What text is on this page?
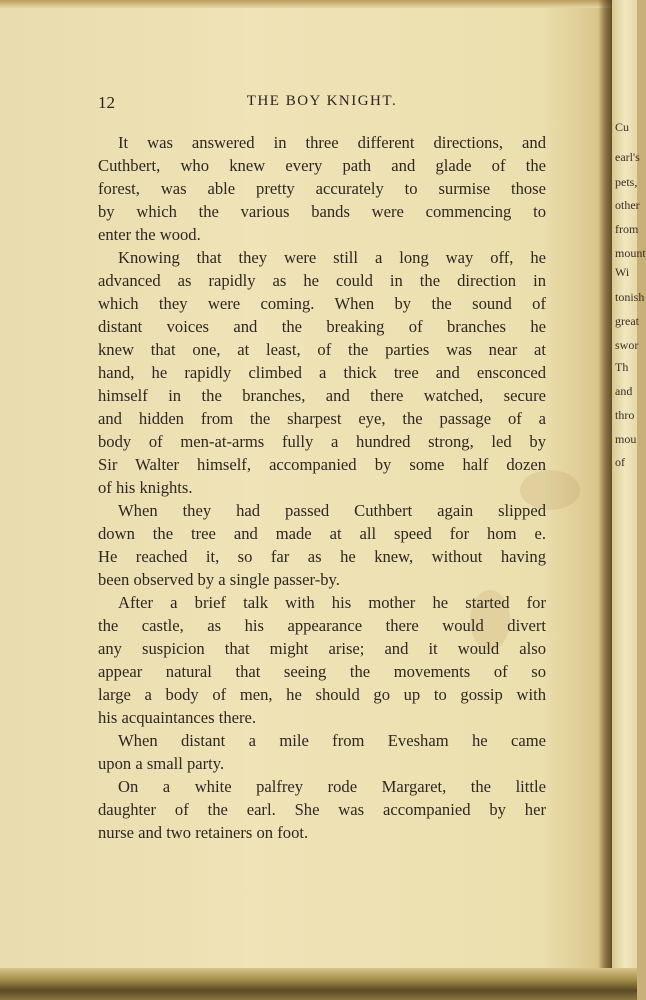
12	THE BOY KNIGHT.
It was answered in three different directions, and
Cuthbert, who knew every path and glade of the
forest, was able pretty accurately to surmise those
by which the various bands were commencing to
enter the wood.
Knowing that they were still a long way off, he
advanced as rapidly as he could in the direction in
which they were coming. When by the sound of
distant voices and the breaking of branches he
knew that one, at least, of the parties was near at
hand, he rapidly climbed a thick tree and ensconced
himself in the branches, and there watched, secure
and hidden from the sharpest eye, the passage of a
body of men-at-arms fully a hundred strong, led by
Sir Walter himself, accompanied by some half dozen
of his knights.
When they had passed Cuthbert again slipped
down the tree and made at all speed for hom e.
He reached it, so far as he knew, without having
been observed by a single passer-by.
After a brief talk with his mother he started for
the castle, as his appearance there would divert
any suspicion that might arise; and it would also
appear natural that seeing the movements of so
large a body of men, he should go up to gossip with
his acquaintances there.
When distant a mile from Evesham he came
upon a small party.
On a white palfrey rode Margaret, the little
daughter of the earl. She was accompanied by her
nurse and two retainers on foot.
Cu
earl's
pets,
other
from
mount
Wi
tonish
great
swor
Th
and
thro
mou
of
